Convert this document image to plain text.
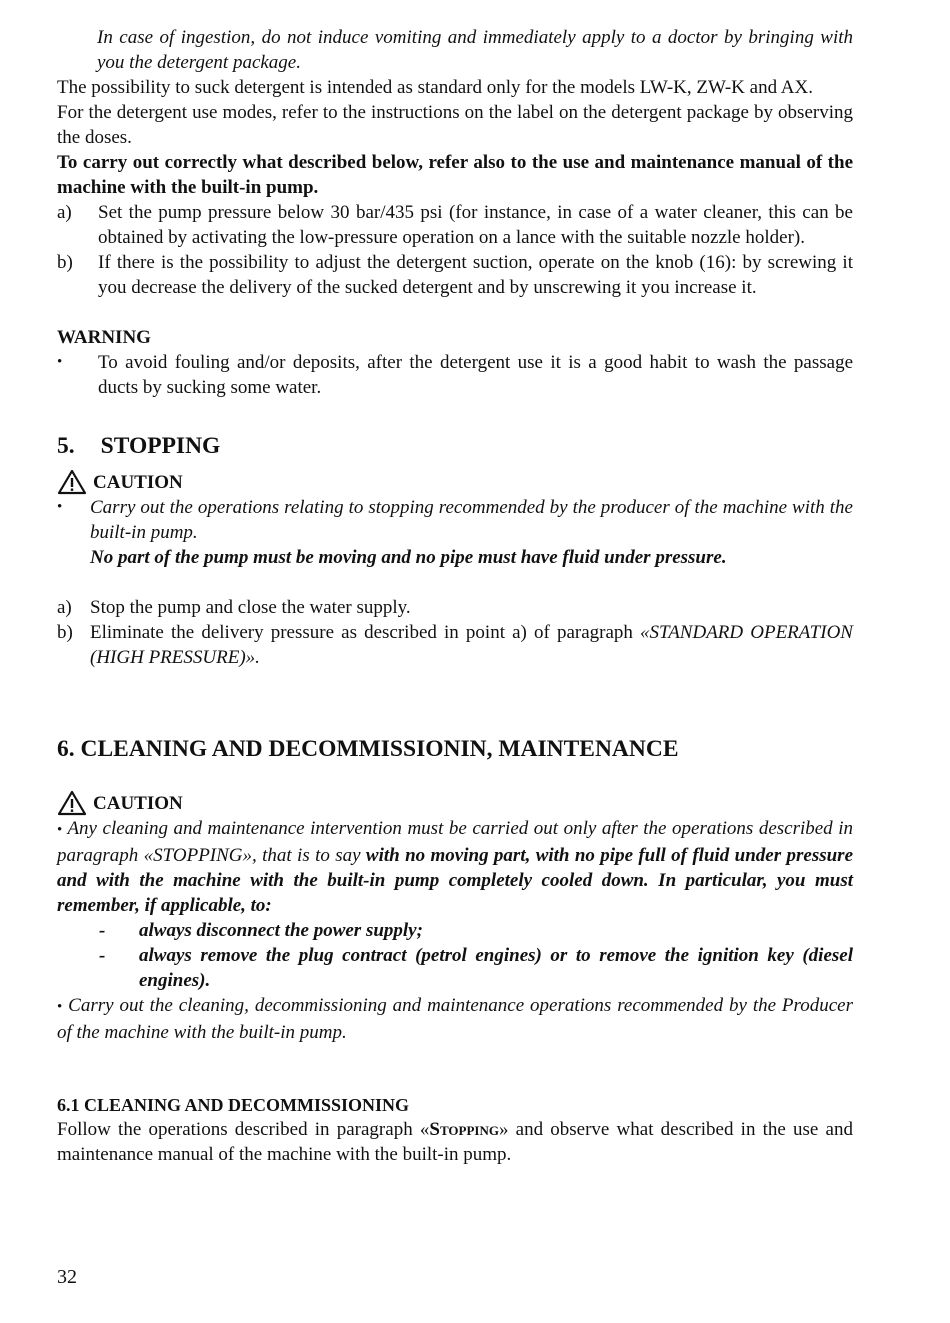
In case of ingestion, do not induce vomiting and immediately apply to a doctor by bringing with you the detergent package.

The possibility to suck detergent is intended as standard only for the models LW-K, ZW-K and AX.

For the detergent use modes, refer to the instructions on the label on the detergent package by observing the doses.

To carry out correctly what described below, refer also to the use and maintenance manual of the machine with the built-in pump.

a) Set the pump pressure below 30 bar/435 psi (for instance, in case of a water cleaner, this can be obtained by activating the low-pressure operation on a lance with the suitable nozzle holder).
b) If there is the possibility to adjust the detergent suction, operate on the knob (16): by screwing it you decrease the delivery of the sucked detergent and by unscrewing it you increase it.

WARNING

• To avoid fouling and/or deposits, after the detergent use it is a good habit to wash the passage ducts by sucking some water.
5. STOPPING
CAUTION
• Carry out the operations relating to stopping recommended by the producer of the machine with the built-in pump.
No part of the pump must be moving and no pipe must have fluid under pressure.
a) Stop the pump and close the water supply.
b) Eliminate the delivery pressure as described in point a) of paragraph «STANDARD OPERATION (HIGH PRESSURE)».
6. CLEANING AND DECOMMISSIONIN, MAINTENANCE
CAUTION

• Any cleaning and maintenance intervention must be carried out only after the operations described in paragraph «STOPPING», that is to say with no moving part, with no pipe full of fluid under pressure and with the machine with the built-in pump completely cooled down. In particular, you must remember, if applicable, to:

- always disconnect the power supply;
- always remove the plug contract (petrol engines) or to remove the ignition key (diesel engines).

• Carry out the cleaning, decommissioning and maintenance operations recommended by the Producer of the machine with the built-in pump.

6.1 CLEANING AND DECOMMISSIONING

Follow the operations described in paragraph «Stopping» and observe what described in the use and maintenance manual of the machine with the built-in pump.

32
